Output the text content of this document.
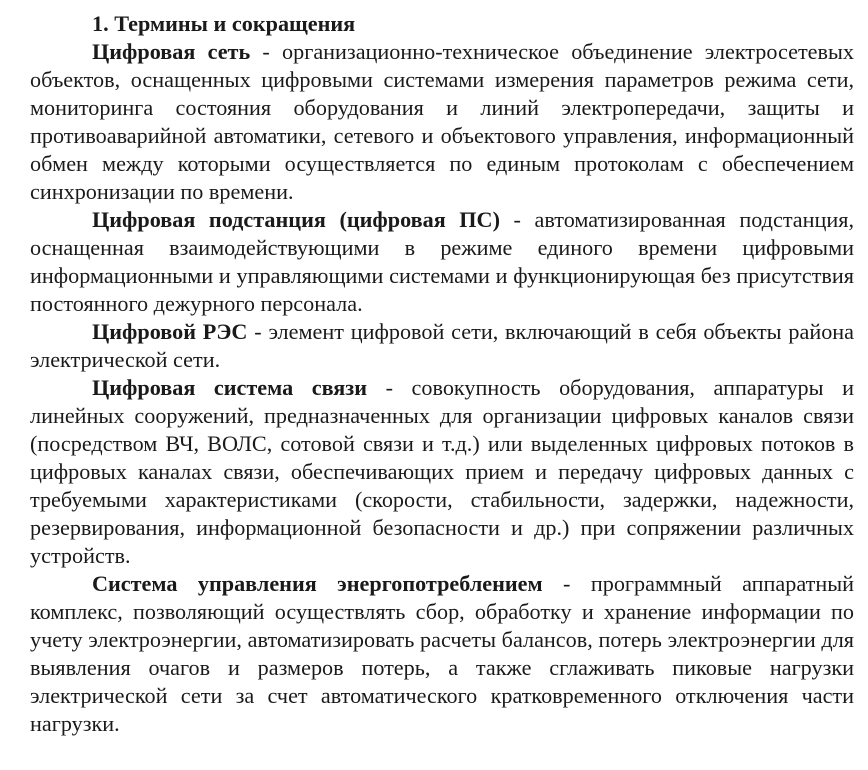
1. Термины и сокращения

Цифровая сеть - организационно-техническое объединение электросетевых объектов, оснащенных цифровыми системами измерения параметров режима сети, мониторинга состояния оборудования и линий электропередачи, защиты и противоаварийной автоматики, сетевого и объектового управления, информационный обмен между которыми осуществляется по единым протоколам с обеспечением синхронизации по времени.

Цифровая подстанция (цифровая ПС) - автоматизированная подстанция, оснащенная взаимодействующими в режиме единого времени цифровыми информационными и управляющими системами и функционирующая без присутствия постоянного дежурного персонала.

Цифровой РЭС - элемент цифровой сети, включающий в себя объекты района электрической сети.

Цифровая система связи - совокупность оборудования, аппаратуры и линейных сооружений, предназначенных для организации цифровых каналов связи (посредством ВЧ, ВОЛС, сотовой связи и т.д.) или выделенных цифровых потоков в цифровых каналах связи, обеспечивающих прием и передачу цифровых данных с требуемыми характеристиками (скорости, стабильности, задержки, надежности, резервирования, информационной безопасности и др.) при сопряжении различных устройств.

Система управления энергопотреблением - программный аппаратный комплекс, позволяющий осуществлять сбор, обработку и хранение информации по учету электроэнергии, автоматизировать расчеты балансов, потерь электроэнергии для выявления очагов и размеров потерь, а также сглаживать пиковые нагрузки электрической сети за счет автоматического кратковременного отключения части нагрузки.
